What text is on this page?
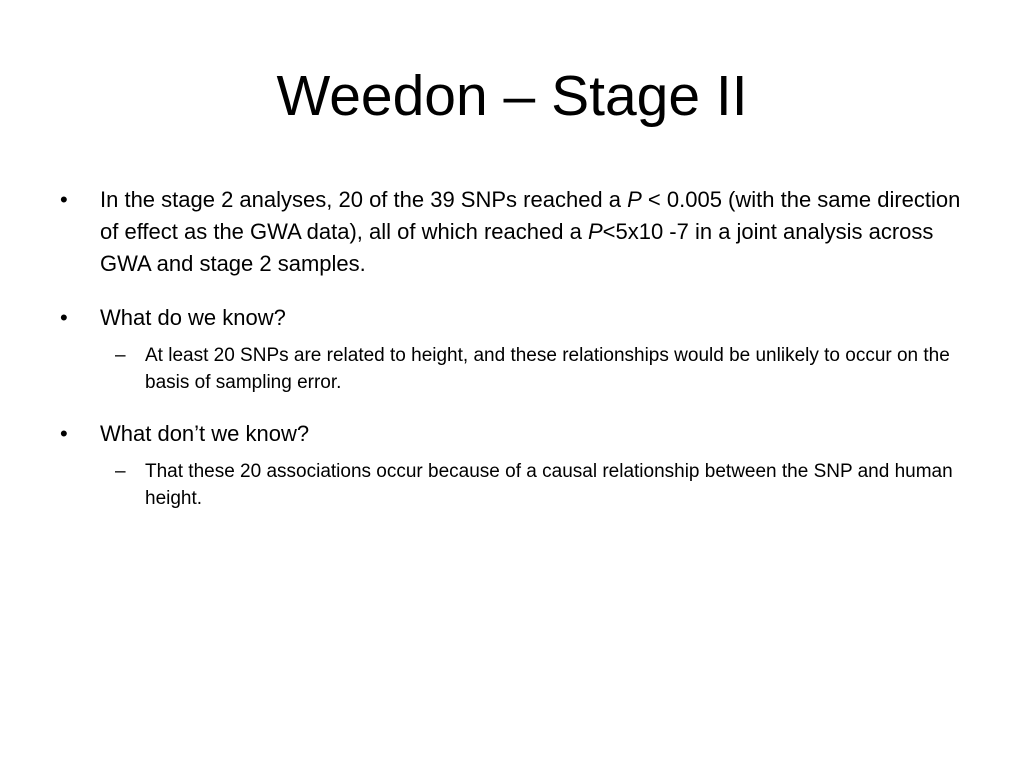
Weedon – Stage II

• In the stage 2 analyses, 20 of the 39 SNPs reached a P < 0.005 (with the same direction of effect as the GWA data), all of which reached a P<5x10 -7 in a joint analysis across GWA and stage 2 samples.

• What do we know?

– At least 20 SNPs are related to height, and these relationships would be unlikely to occur on the basis of sampling error.

• What don’t we know?

– That these 20 associations occur because of a causal relationship between the SNP and human height.
